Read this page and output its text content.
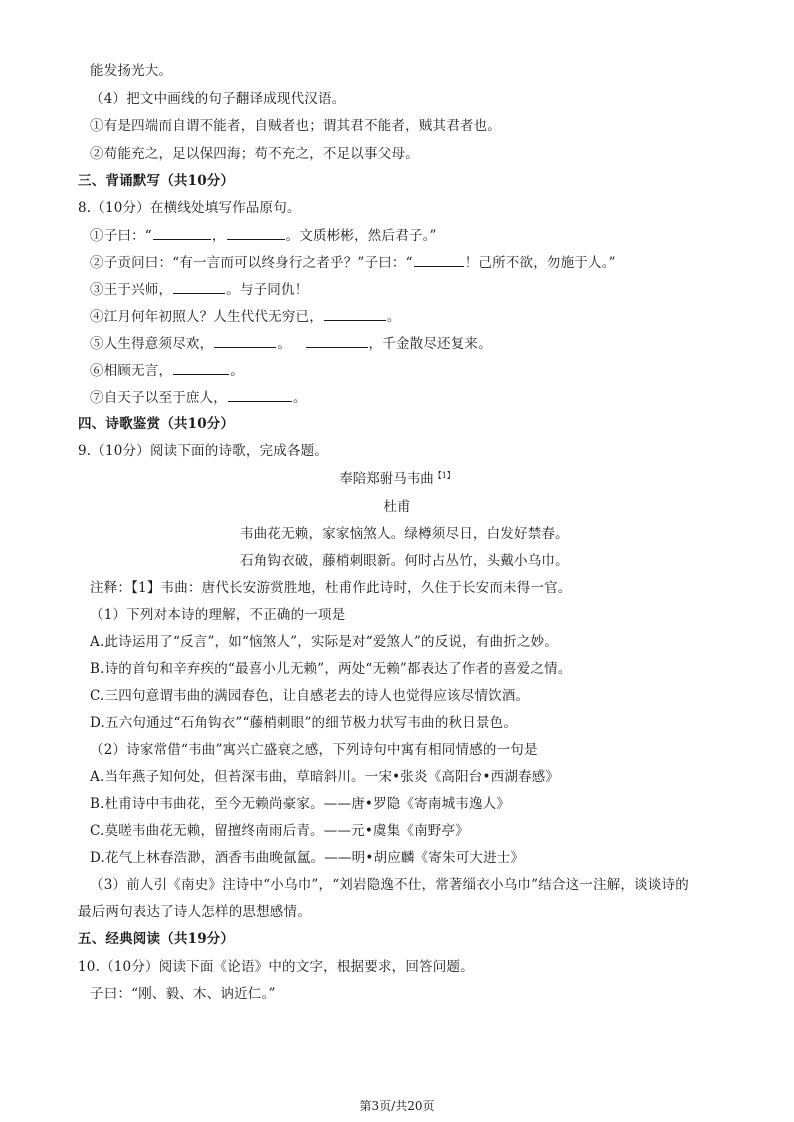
能发扬光大。
（4）把文中画线的句子翻译成现代汉语。
①有是四端而自谓不能者，自贼者也；谓其君不能者，贼其君者也。
②苟能充之，足以保四海；苟不充之，不足以事父母。
三、背诵默写（共10分）
8.（10分）在横线处填写作品原句。
①子曰：“	，	。文质彬彬，然后君子。”
②子贡问曰：“有一言而可以终身行之者乎？”子曰：“	！己所不欲，勿施于人。”
③王于兴师，	。与子同仇！
④江月何年初照人？人生代代无穷已，	。
⑤人生得意须尽欢，	。	，千金散尽还复来。
⑥相顾无言，	。
⑦自天子以至于庶人，	。
四、诗歌鉴赏（共10分）
9.（10分）阅读下面的诗歌，完成各题。
奉陪郑驸马韦曲$^{【1】}$
杜甫
韦曲花无赖，家家恼煞人。绿樽须尽日，白发好禁春。
石角钩衣破，藤梢刺眼新。何时占丛竹，头戴小乌巾。
注释：【1】韦曲：唐代长安游赏胜地，杜甫作此诗时，久住于长安而未得一官。
（1）下列对本诗的理解，不正确的一项是
A.此诗运用了“反言”，如“恼煞人”，实际是对“爱煞人”的反说，有曲折之妙。
B.诗的首句和辛弃疾的“最喜小儿无赖”，两处“无赖”都表达了作者的喜爱之情。
C.三四句意谓韦曲的满园春色，让自感老去的诗人也觉得应该尽情饮酒。
D.五六句通过“石角钩衣”“藤梢刺眼”的细节极力状写韦曲的秋日景色。
（2）诗家常借“韦曲”寓兴亡盛衰之感，下列诗句中寓有相同情感的一句是
A.当年燕子知何处，但苔深韦曲，草暗斜川。一宋•张炎《高阳台•西湖春感》
B.杜甫诗中韦曲花，至今无赖尚豪家。——唐•罗隐《寄南城韦逸人》
C.莫嗟韦曲花无赖，留擅终南雨后青。——元•虞集《南野亭》
D.花气上林春浩渺，酒香韦曲晚氤氲。——明•胡应麟《寄朱可大进士》
（3）前人引《南史》注诗中“小乌巾”，“刘岩隐逸不仕，常著缁衣小乌巾”结合这一注解，谈谈诗的
最后两句表达了诗人怎样的思想感情。
五、经典阅读（共19分）
10.（10分）阅读下面《论语》中的文字，根据要求，回答问题。
子曰：“刚、毅、木、讷近仁。”
第3页/共20页
